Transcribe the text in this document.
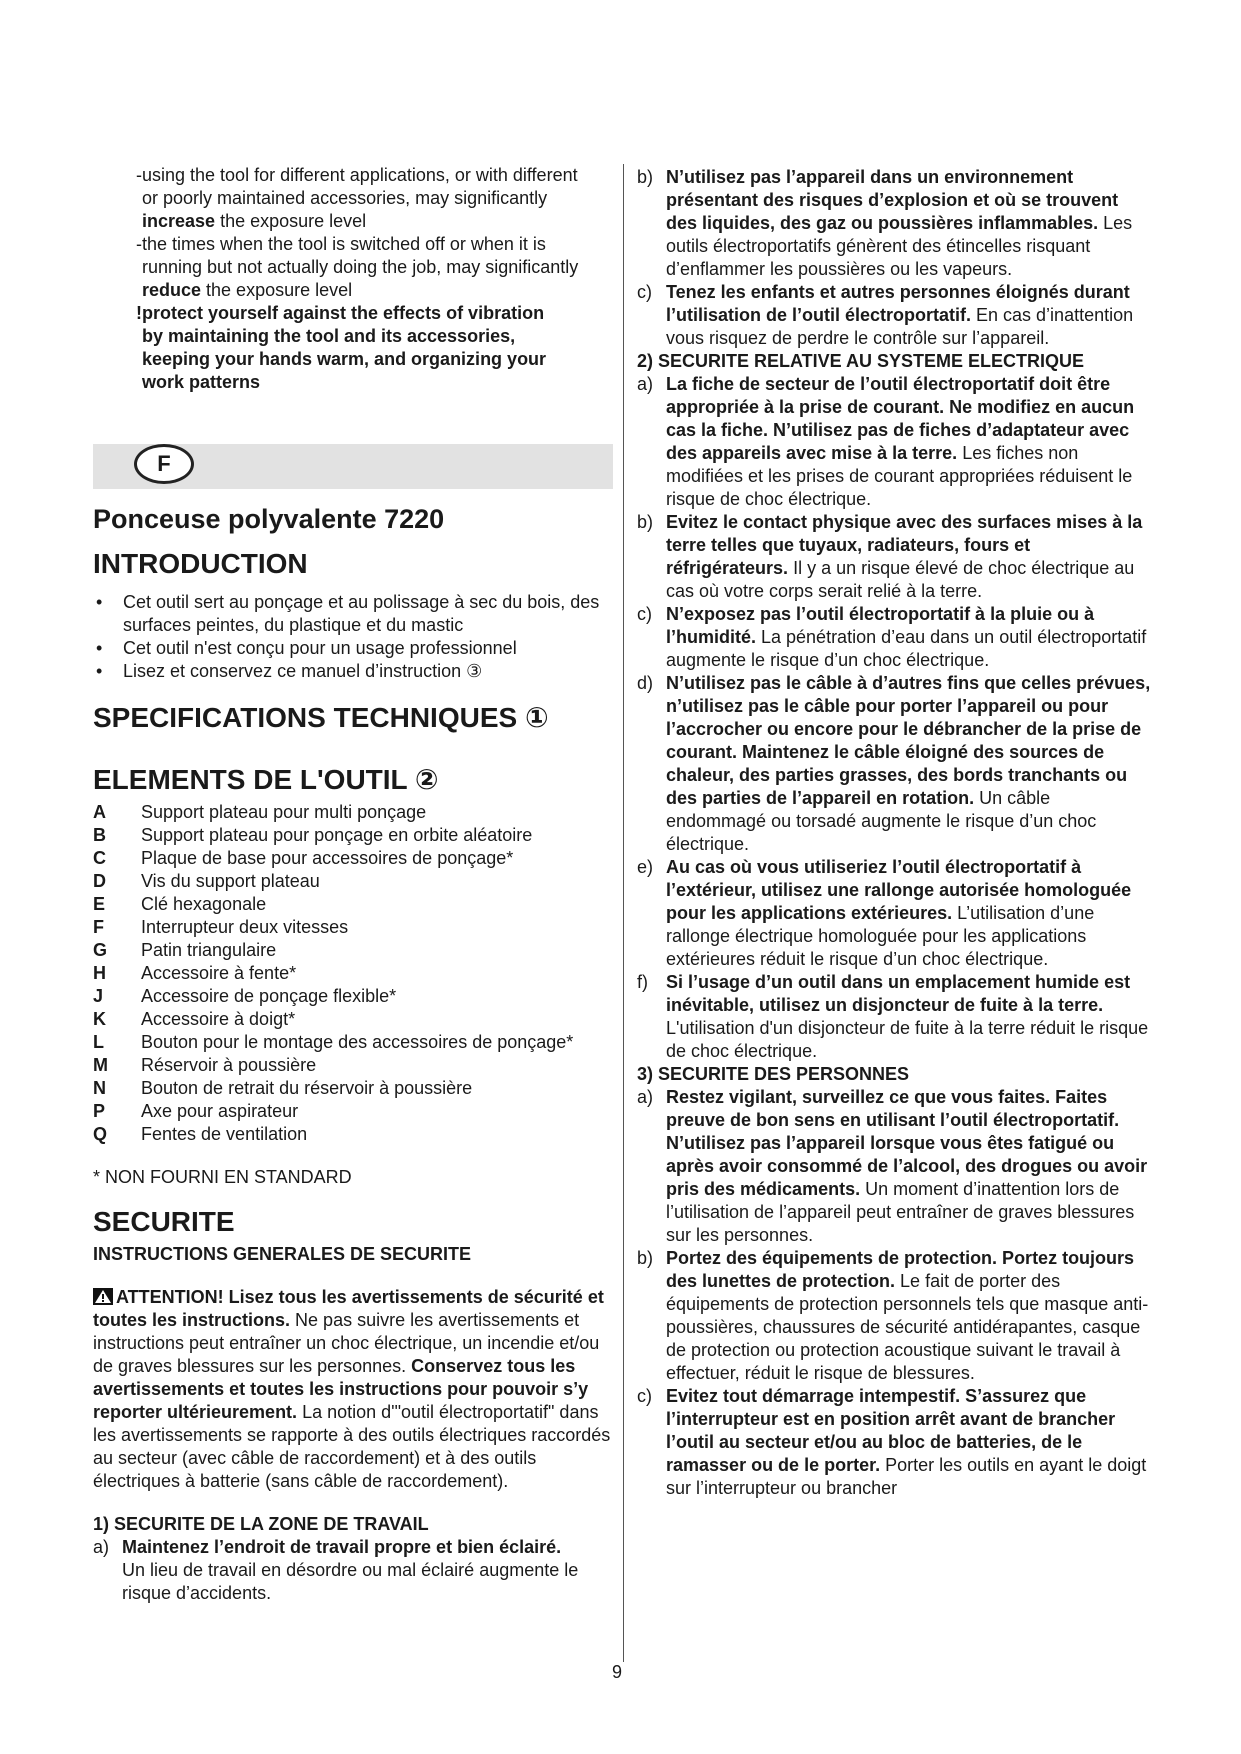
-using the tool for different applications, or with different
or poorly maintained accessories, may significantly
increase the exposure level
-the times when the tool is switched off or when it is
running but not actually doing the job, may significantly
reduce the exposure level
!protect yourself against the effects of vibration
by maintaining the tool and its accessories,
keeping your hands warm, and organizing your
work patterns
F
Ponceuse polyvalente 7220
INTRODUCTION
• Cet outil sert au ponçage et au polissage à sec du bois, des surfaces peintes, du plastique et du mastic
• Cet outil n'est conçu pour un usage professionnel
• Lisez et conservez ce manuel d’instruction ③
SPECIFICATIONS TECHNIQUES ①
ELEMENTS DE L'OUTIL ②
A	Support plateau pour multi ponçage
B	Support plateau pour ponçage en orbite aléatoire
C	Plaque de base pour accessoires de ponçage*
D	Vis du support plateau
E	Clé hexagonale
F	Interrupteur deux vitesses
G	Patin triangulaire
H	Accessoire à fente*
J	Accessoire de ponçage flexible*
K	Accessoire à doigt*
L	Bouton pour le montage des accessoires de ponçage*
M	Réservoir à poussière
N	Bouton de retrait du réservoir à poussière
P	Axe pour aspirateur
Q	Fentes de ventilation
* NON FOURNI EN STANDARD
SECURITE
INSTRUCTIONS GENERALES DE SECURITE
ATTENTION! Lisez tous les avertissements de sécurité et toutes les instructions. Ne pas suivre les avertissements et instructions peut entraîner un choc électrique, un incendie et/ou de graves blessures sur les personnes. Conservez tous les avertissements et toutes les instructions pour pouvoir s’y reporter ultérieurement. La notion d'"outil électroportatif" dans les avertissements se rapporte à des outils électriques raccordés au secteur (avec câble de raccordement) et à des outils électriques à batterie (sans câble de raccordement).
1) SECURITE DE LA ZONE DE TRAVAIL
a) Maintenez l’endroit de travail propre et bien éclairé.
Un lieu de travail en désordre ou mal éclairé augmente le risque d’accidents.
b) N’utilisez pas l’appareil dans un environnement présentant des risques d’explosion et où se trouvent des liquides, des gaz ou poussières inflammables. Les outils électroportatifs génèrent des étincelles risquant d’enflammer les poussières ou les vapeurs.
c) Tenez les enfants et autres personnes éloignés durant l’utilisation de l’outil électroportatif. En cas d’inattention vous risquez de perdre le contrôle sur l’appareil.
2) SECURITE RELATIVE AU SYSTEME ELECTRIQUE
a) La fiche de secteur de l’outil électroportatif doit être appropriée à la prise de courant. Ne modifiez en aucun cas la fiche. N’utilisez pas de fiches d’adaptateur avec des appareils avec mise à la terre. Les fiches non modifiées et les prises de courant appropriées réduisent le risque de choc électrique.
b) Evitez le contact physique avec des surfaces mises à la terre telles que tuyaux, radiateurs, fours et réfrigérateurs. Il y a un risque élevé de choc électrique au cas où votre corps serait relié à la terre.
c) N’exposez pas l’outil électroportatif à la pluie ou à l’humidité. La pénétration d’eau dans un outil électroportatif augmente le risque d’un choc électrique.
d) N’utilisez pas le câble à d’autres fins que celles prévues, n’utilisez pas le câble pour porter l’appareil ou pour l’accrocher ou encore pour le débrancher de la prise de courant. Maintenez le câble éloigné des sources de chaleur, des parties grasses, des bords tranchants ou des parties de l’appareil en rotation. Un câble endommagé ou torsadé augmente le risque d’un choc électrique.
e) Au cas où vous utiliseriez l’outil électroportatif à l’extérieur, utilisez une rallonge autorisée homologuée pour les applications extérieures. L’utilisation d’une rallonge électrique homologuée pour les applications extérieures réduit le risque d’un choc électrique.
f) Si l’usage d’un outil dans un emplacement humide est inévitable, utilisez un disjoncteur de fuite à la terre. L'utilisation d'un disjoncteur de fuite à la terre réduit le risque de choc électrique.
3) SECURITE DES PERSONNES
a) Restez vigilant, surveillez ce que vous faites. Faites preuve de bon sens en utilisant l’outil électroportatif. N’utilisez pas l’appareil lorsque vous êtes fatigué ou après avoir consommé de l’alcool, des drogues ou avoir pris des médicaments. Un moment d’inattention lors de l’utilisation de l’appareil peut entraîner de graves blessures sur les personnes.
b) Portez des équipements de protection. Portez toujours des lunettes de protection. Le fait de porter des équipements de protection personnels tels que masque anti-poussières, chaussures de sécurité antidérapantes, casque de protection ou protection acoustique suivant le travail à effectuer, réduit le risque de blessures.
c) Evitez tout démarrage intempestif. S’assurez que l’interrupteur est en position arrêt avant de brancher l’outil au secteur et/ou au bloc de batteries, de le ramasser ou de le porter. Porter les outils en ayant le doigt sur l’interrupteur ou brancher
9
